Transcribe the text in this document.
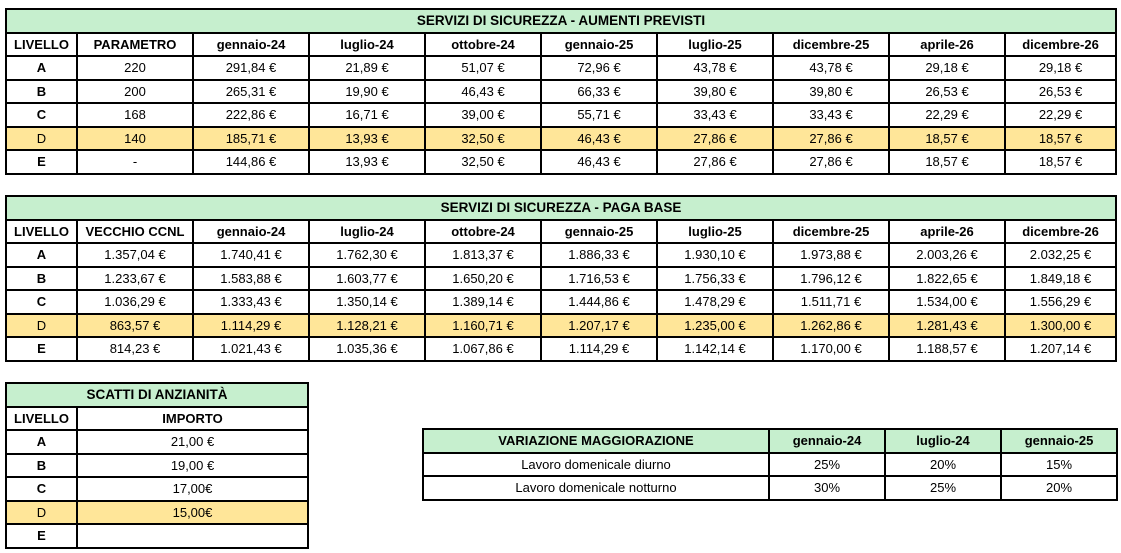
SERVIZI DI SICUREZZA - AUMENTI PREVISTI									
LIVELLO	PARAMETRO	gennaio-24	luglio-24	ottobre-24	gennaio-25	luglio-25	dicembre-25	aprile-26	dicembre-26
A	220	291,84 €	21,89 €	51,07 €	72,96 €	43,78 €	43,78 €	29,18 €	29,18 €
B	200	265,31 €	19,90 €	46,43 €	66,33 €	39,80 €	39,80 €	26,53 €	26,53 €
C	168	222,86 €	16,71 €	39,00 €	55,71 €	33,43 €	33,43 €	22,29 €	22,29 €
D	140	185,71 €	13,93 €	32,50 €	46,43 €	27,86 €	27,86 €	18,57 €	18,57 €
E	-	144,86 €	13,93 €	32,50 €	46,43 €	27,86 €	27,86 €	18,57 €	18,57 €
SERVIZI DI SICUREZZA - PAGA BASE									
LIVELLO	VECCHIO CCNL	gennaio-24	luglio-24	ottobre-24	gennaio-25	luglio-25	dicembre-25	aprile-26	dicembre-26
A	1.357,04 €	1.740,41 €	1.762,30 €	1.813,37 €	1.886,33 €	1.930,10 €	1.973,88 €	2.003,26 €	2.032,25 €
B	1.233,67 €	1.583,88 €	1.603,77 €	1.650,20 €	1.716,53 €	1.756,33 €	1.796,12 €	1.822,65 €	1.849,18 €
C	1.036,29 €	1.333,43 €	1.350,14 €	1.389,14 €	1.444,86 €	1.478,29 €	1.511,71 €	1.534,00 €	1.556,29 €
D	863,57 €	1.114,29 €	1.128,21 €	1.160,71 €	1.207,17 €	1.235,00 €	1.262,86 €	1.281,43 €	1.300,00 €
E	814,23 €	1.021,43 €	1.035,36 €	1.067,86 €	1.114,29 €	1.142,14 €	1.170,00 €	1.188,57 €	1.207,14 €
SCATTI DI ANZIANITÀ	
LIVELLO	IMPORTO
A	21,00 €
B	19,00 €
C	17,00€
D	15,00€
E	
VARIAZIONE MAGGIORAZIONE	gennaio-24	luglio-24	gennaio-25
Lavoro domenicale diurno	25%	20%	15%
Lavoro domenicale notturno	30%	25%	20%
